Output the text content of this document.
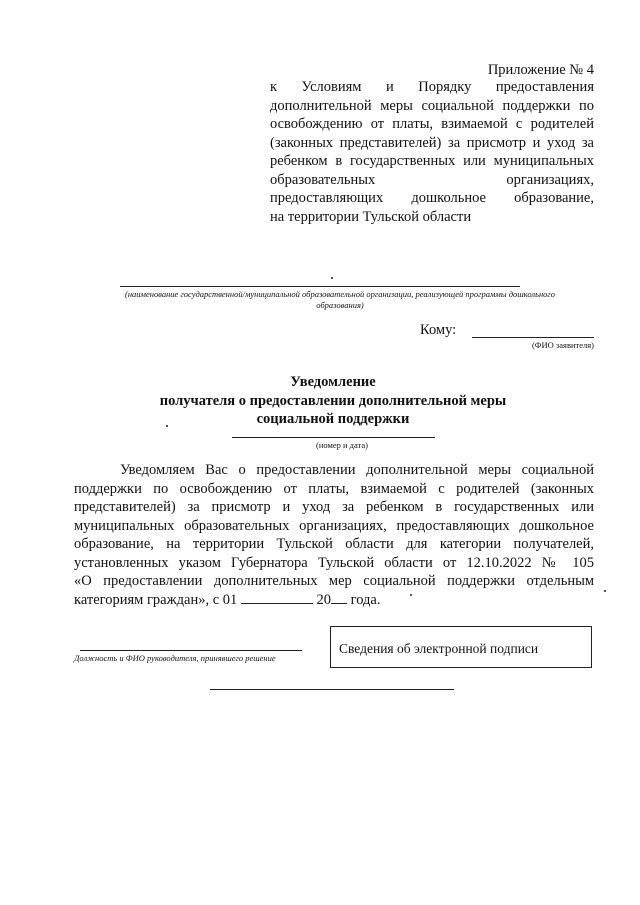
Приложение № 4
к Условиям и Порядку предоставления
дополнительной меры социальной поддержки по
освобождению от платы, взимаемой с родителей
(законных представителей) за присмотр и уход за
ребенком в государственных или муниципальных
образовательных организациях,
предоставляющих дошкольное образование,
на территории Тульской области
(наименование государственной/муниципальной образовательной организации, реализующей программы дошкольного образования)
Кому:
(ФИО заявителя)
Уведомление
получателя о предоставлении дополнительной меры
социальной поддержки
(номер и дата)
Уведомляем Вас о предоставлении дополнительной меры социальной
поддержки по освобождению от платы, взимаемой с родителей (законных
представителей) за присмотр и уход за ребенком в государственных или
муниципальных образовательных организациях, предоставляющих дошкольное
образование, на территории Тульской области для категории получателей,
установленных указом Губернатора Тульской области от 12.10.2022 № 105
«О предоставлении дополнительных мер социальной поддержки отдельным
категориям граждан», с 01	20 года.
Должность и ФИО руководителя, принявшего решение
Сведения об электронной подписи
